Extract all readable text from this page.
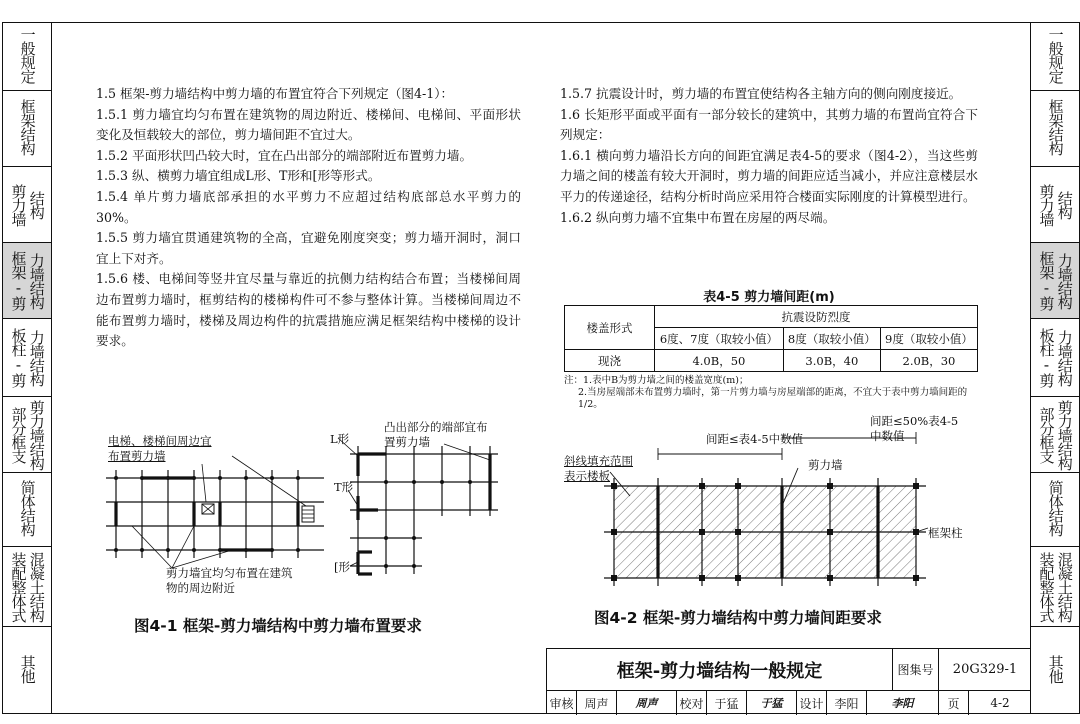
一般规定
框架结构
结构
剪力墙
力墙结构
框架-剪
力墙结构
板柱-剪
剪力墙结构
部分框支
简体结构
混凝土结构
装配整体式
其他
一般规定
框架结构
结构
剪力墙
力墙结构
框架-剪
力墙结构
板柱-剪
剪力墙结构
部分框支
简体结构
混凝土结构
装配整体式
其他

1.5 框架-剪力墙结构中剪力墙的布置宜符合下列规定（图4-1）：

1.5.1 剪力墙宜均匀布置在建筑物的周边附近、楼梯间、电梯间、平面形状变化及恒载较大的部位，剪力墙间距不宜过大。

1.5.2 平面形状凹凸较大时，宜在凸出部分的端部附近布置剪力墙。

1.5.3 纵、横剪力墙宜组成L形、T形和[形等形式。

1.5.4 单片剪力墙底部承担的水平剪力不应超过结构底部总水平剪力的30%。

1.5.5 剪力墙宜贯通建筑物的全高，宜避免刚度突变；剪力墙开洞时，洞口宜上下对齐。

1.5.6 楼、电梯间等竖井宜尽量与靠近的抗侧力结构结合布置；当楼梯间周边布置剪力墙时，框剪结构的楼梯构件可不参与整体计算。当楼梯间周边不能布置剪力墙时，楼梯及周边构件的抗震措施应满足框架结构中楼梯的设计要求。

1.5.7 抗震设计时，剪力墙的布置宜使结构各主轴方向的侧向刚度接近。

1.6 长矩形平面或平面有一部分较长的建筑中，其剪力墙的布置尚宜符合下列规定：

1.6.1 横向剪力墙沿长方向的间距宜满足表4-5的要求（图4-2），当这些剪力墙之间的楼盖有较大开洞时，剪力墙的间距应适当减小，并应注意楼层水平力的传递途径，结构分析时尚应采用符合楼面实际刚度的计算模型进行。

1.6.2 纵向剪力墙不宜集中布置在房屋的两尽端。

表4-5 剪力墙间距(m)
楼盖形式	抗震设防烈度		
	6度、7度（取较小值）	8度（取较小值）	9度（取较小值）
现浇	4.0B，50	3.0B，40	2.0B，30
注：1.表中B为剪力墙之间的楼盖宽度(m)；
2.当房屋端部未布置剪力墙时，第一片剪力墙与房屋端部的距离，不宜大于表中剪力墙间距的1/2。
电梯、楼梯间周边宜布置剪力墙
剪力墙宜均匀布置在建筑物的周边附近
L形
T形
[形
凸出部分的端部宜布置剪力墙
图4-1 框架-剪力墙结构中剪力墙布置要求
间距≤表4-5中数值
间距≤50%表4-5中数值
剪力墙
框架柱
斜线填充范围表示楼板
图4-2 框架-剪力墙结构中剪力墙间距要求
框架-剪力墙结构一般规定	图集号	20G329-1
审核 周声	周声	校对 于猛	于猛	设计 李阳	李阳	页	4-2
